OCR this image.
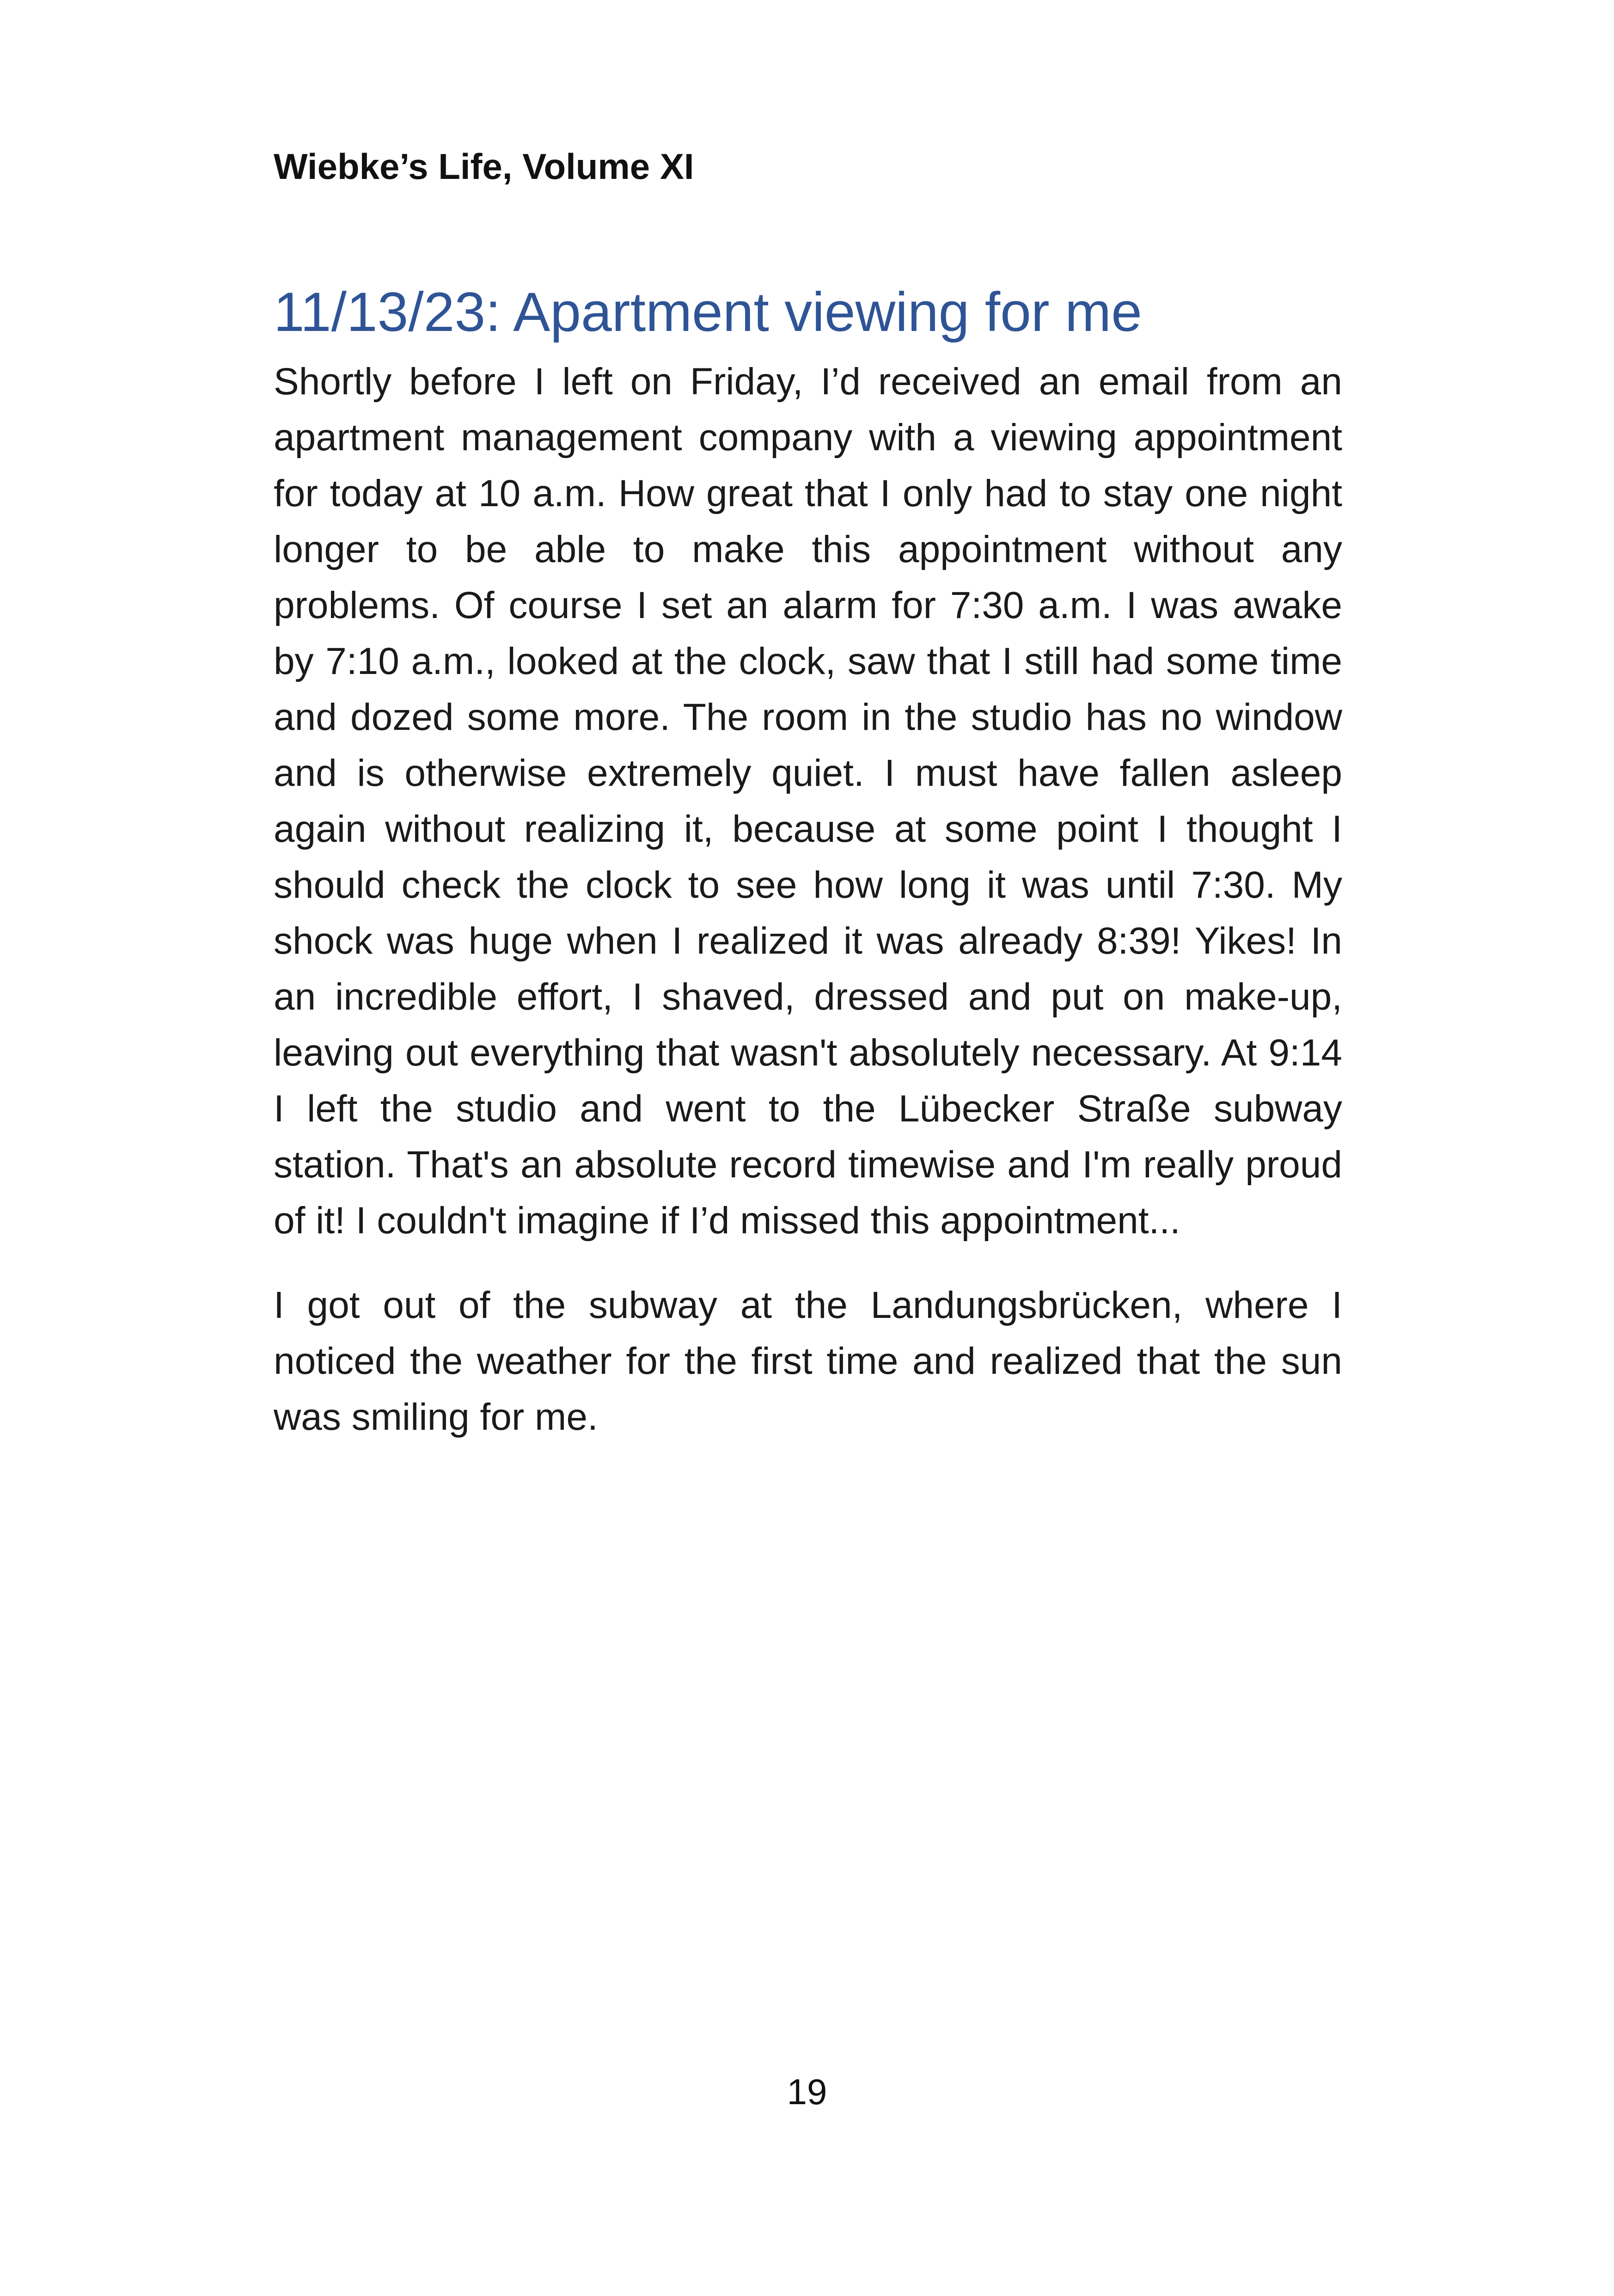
Wiebke’s Life, Volume XI
11/13/23: Apartment viewing for me

Shortly before I left on Friday, I’d received an email from an apartment management company with a viewing appointment for today at 10 a.m. How great that I only had to stay one night longer to be able to make this appointment without any problems. Of course I set an alarm for 7:30 a.m. I was awake by 7:10 a.m., looked at the clock, saw that I still had some time and dozed some more. The room in the studio has no window and is otherwise extremely quiet. I must have fallen asleep again without realizing it, because at some point I thought I should check the clock to see how long it was until 7:30. My shock was huge when I realized it was already 8:39! Yikes! In an incredible effort, I shaved, dressed and put on make-up, leaving out everything that wasn't absolutely necessary. At 9:14 I left the studio and went to the Lübecker Straße subway station. That's an absolute record timewise and I'm really proud of it! I couldn't imagine if I’d missed this appointment...

I got out of the subway at the Landungsbrücken, where I noticed the weather for the first time and realized that the sun was smiling for me.

19
